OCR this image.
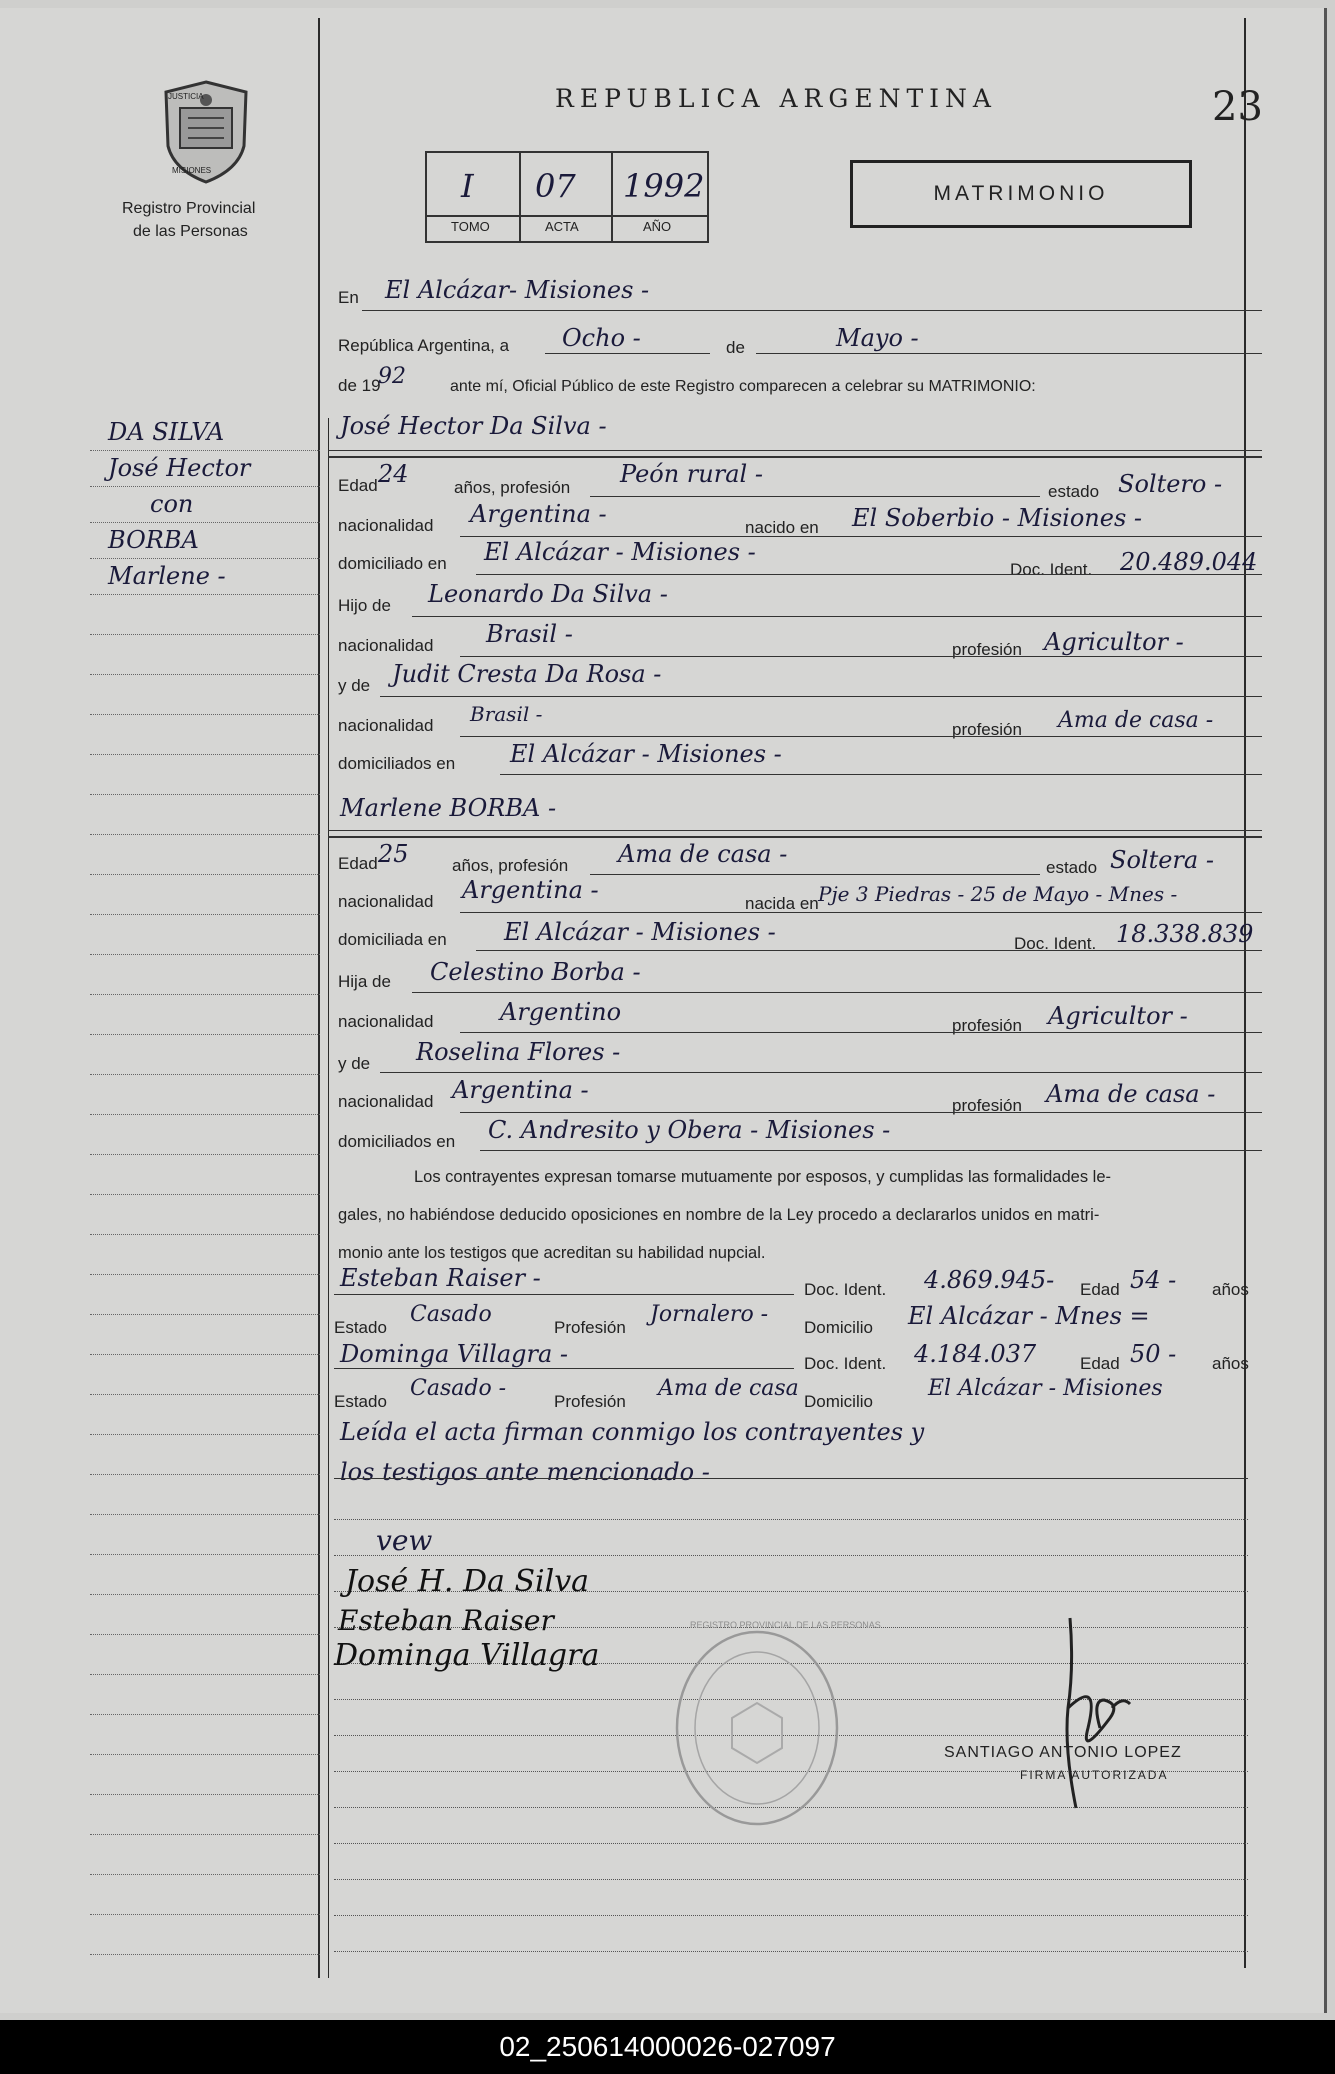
JUSTICIA
MISIONES
Registro Provincial
de las Personas
REPUBLICA ARGENTINA	23
I 07 1992
TOMO	ACTA	AÑO
MATRIMONIO
DA SILVA
José Hector
con
BORBA
Marlene -
En El Alcázar- Misiones -
República Argentina, a Ocho -	de	Mayo -
de 19
92	ante mí, Oficial Público de este Registro comparecen a celebrar su MATRIMONIO:
José Hector Da Silva -
Edad 24	años, profesión Peón rural -
estado Soltero -
nacionalidad Argentina -	nacido en El Soberbio - Misiones -
domiciliado en El Alcázar - Misiones -
Doc. Ident. 20.489.044
Hijo de Leonardo Da Silva -
nacionalidad Brasil -
profesión Agricultor -
y de Judit Cresta Da Rosa -
nacionalidad Brasil -
profesión Ama de casa -
domiciliados en El Alcázar - Misiones -
Marlene BORBA -
Edad 25	años, profesión Ama de casa -	estado Soltera -
nacionalidad Argentina -	nacida en Pje 3 Piedras - 25 de Mayo - Mnes -
domiciliada en El Alcázar - Misiones -	Doc. Ident. 18.338.839
Hija de Celestino Borba -
nacionalidad	Argentino	profesión Agricultor -
y de Roselina Flores -
nacionalidad Argentina -
profesión Ama de casa -
domiciliados en C. Andresito y Obera - Misiones -
Los contrayentes expresan tomarse mutuamente por esposos, y cumplidas las formalidades le-
gales, no habiéndose deducido oposiciones en nombre de la Ley procedo a declararlos unidos en matri-
monio ante los testigos que acreditan su habilidad nupcial.
Esteban Raiser -	Doc. Ident. 4.869.945- Edad 54 - años
Estado
Casado
Profesión
Jornalero -
Domicilio El Alcázar - Mnes =
Dominga Villagra -	Doc. Ident. 4.184.037	Edad 50 - años
Estado
Casado -
Profesión
Ama de casa
Domicilio
El Alcázar - Misiones
Leída el acta firman conmigo los contrayentes y
los testigos ante mencionado -
vew
José H. Da Silva
Esteban Raiser
Dominga Villagra
REGISTRO PROVINCIAL DE LAS PERSONAS
SANTIAGO ANTONIO LOPEZ
FIRMA AUTORIZADA
02_250614000026-027097
